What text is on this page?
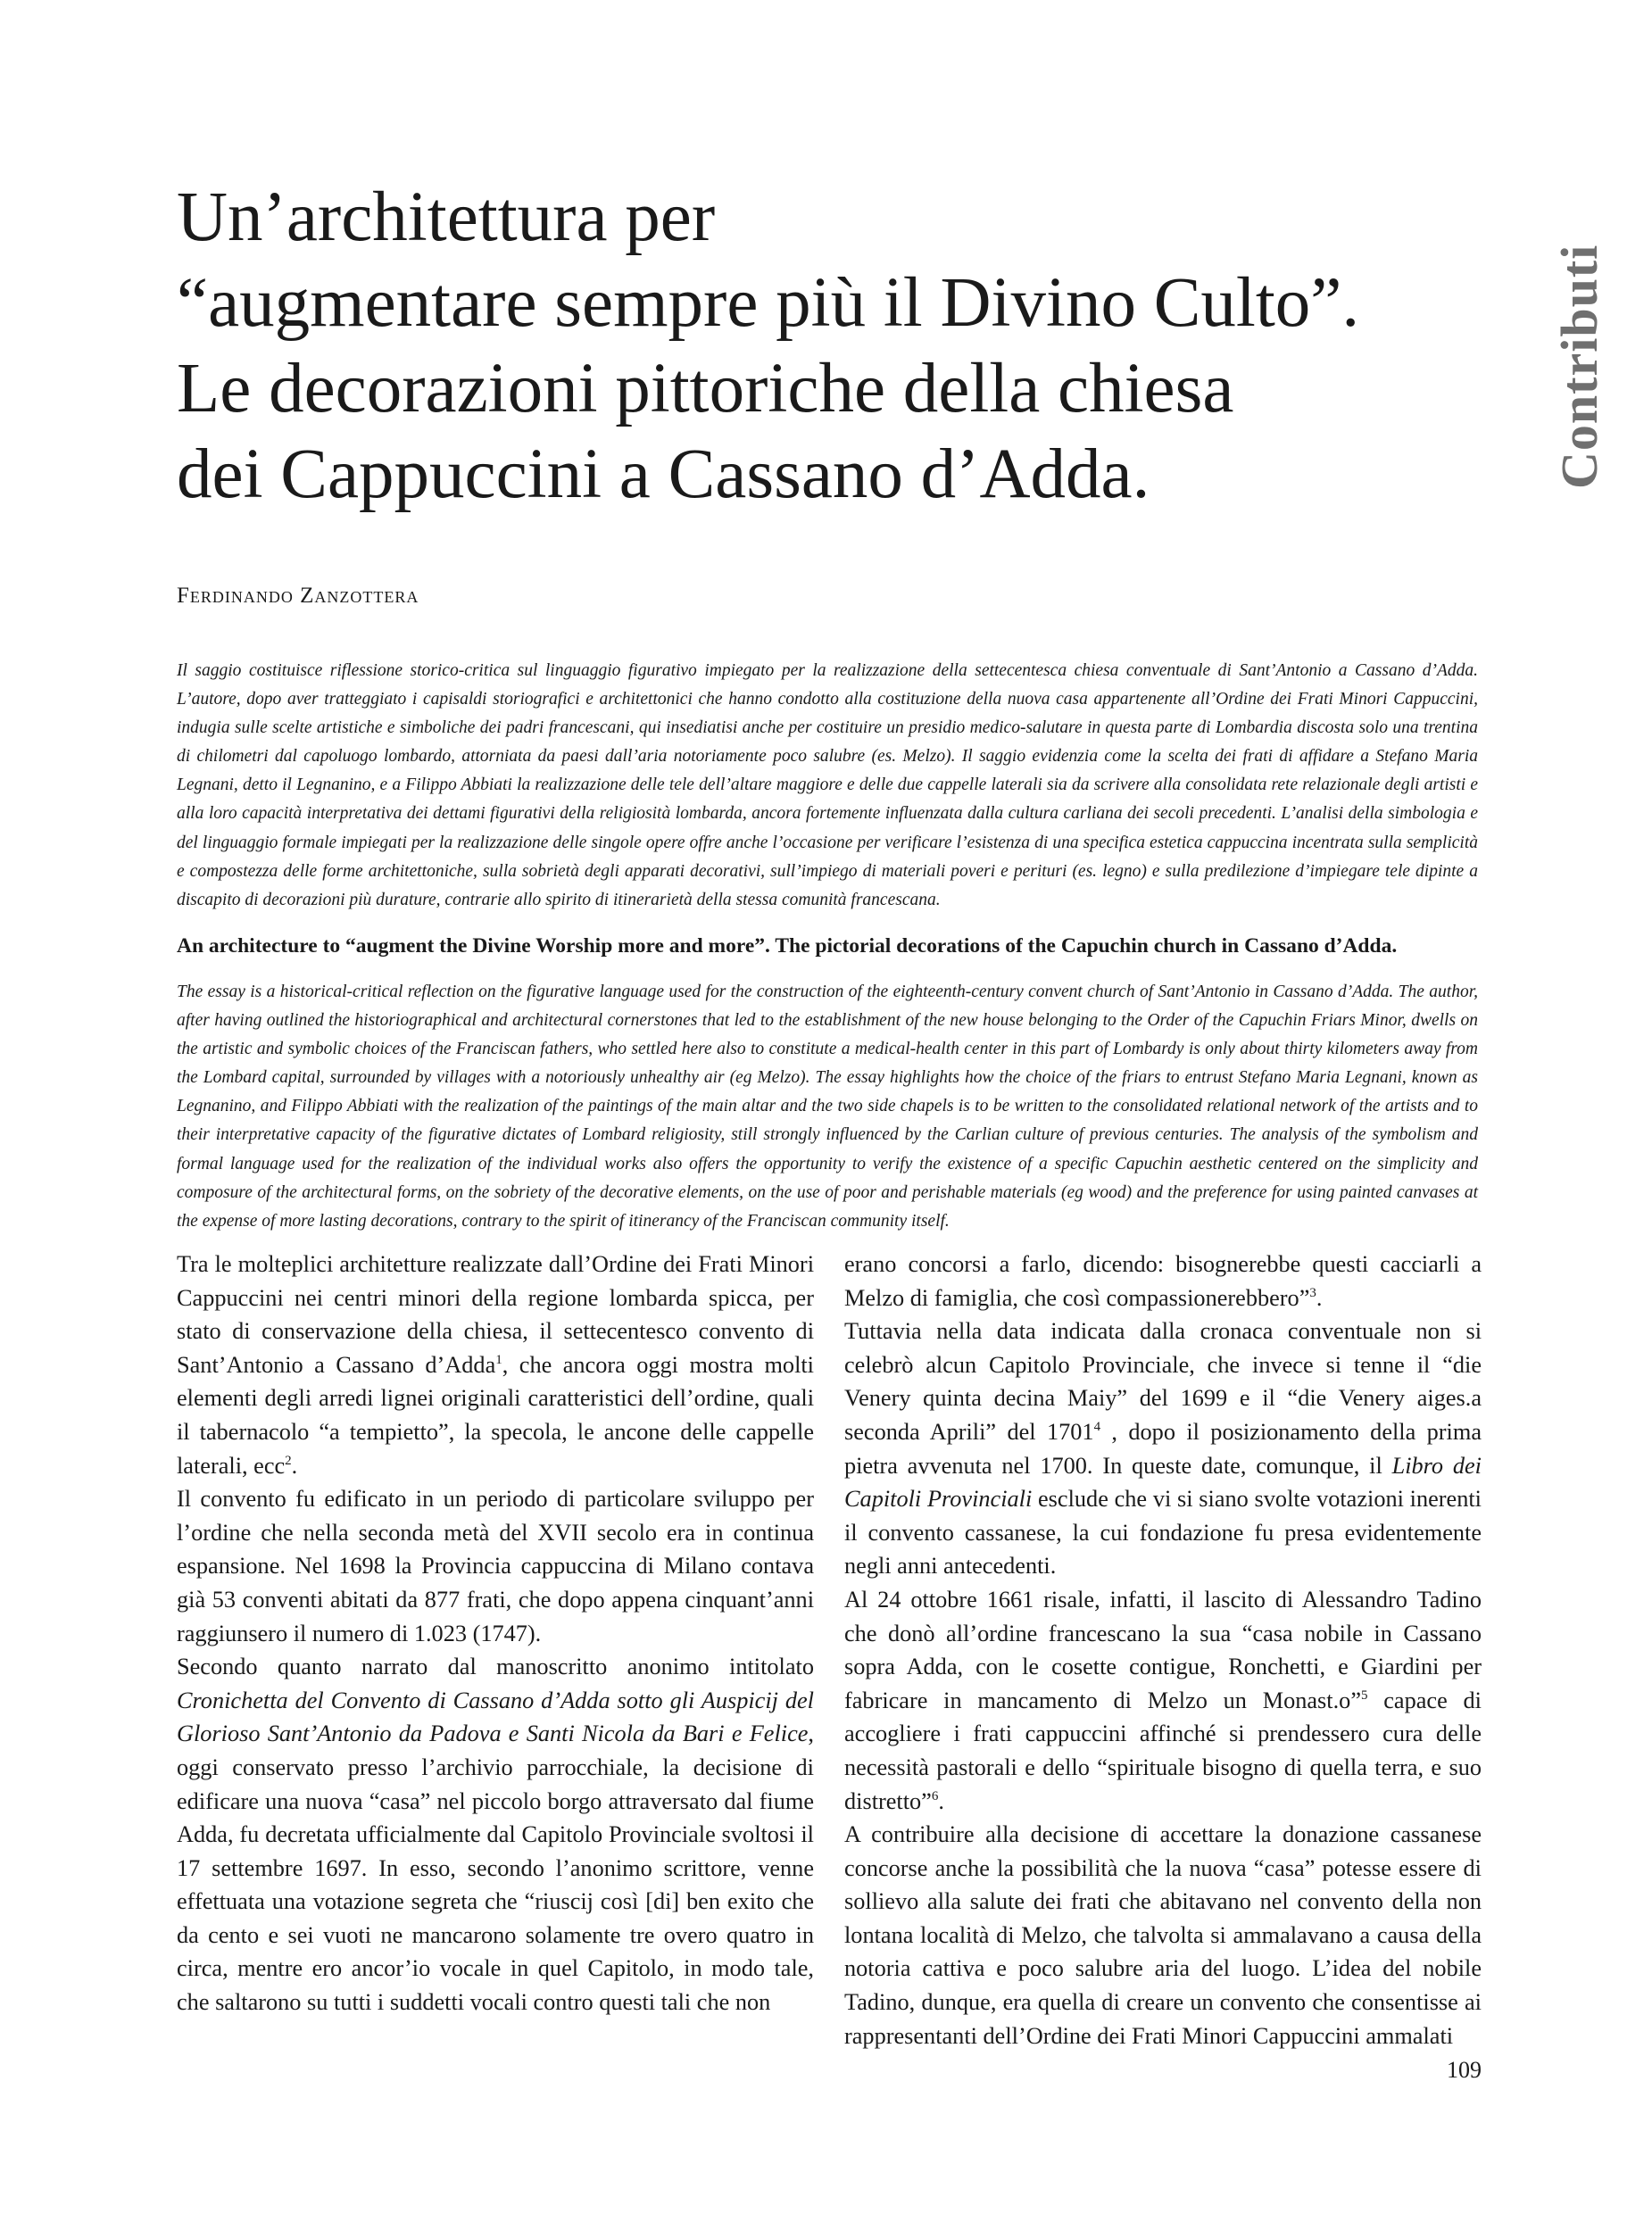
Un’architettura per
“augmentare sempre più il Divino Culto”.
Le decorazioni pittoriche della chiesa
dei Cappuccini a Cassano d’Adda.	Contributi
Ferdinando Zanzottera

Il saggio costituisce riflessione storico-critica sul linguaggio figurativo impiegato per la realizzazione della settecentesca chiesa conventuale di Sant’Antonio a Cassano d’Adda. L’autore, dopo aver tratteggiato i capisaldi storiografici e architettonici che hanno condotto alla costituzione della nuova casa appartenente all’Ordine dei Frati Minori Cappuccini, indugia sulle scelte artistiche e simboliche dei padri francescani, qui insediatisi anche per costituire un presidio medico-salutare in questa parte di Lombardia discosta solo una trentina di chilometri dal capoluogo lombardo, attorniata da paesi dall’aria notoriamente poco salubre (es. Melzo). Il saggio evidenzia come la scelta dei frati di affidare a Stefano Maria Legnani, detto il Legnanino, e a Filippo Abbiati la realizzazione delle tele dell’altare maggiore e delle due cappelle laterali sia da scrivere alla consolidata rete relazionale degli artisti e alla loro capacità interpretativa dei dettami figurativi della religiosità lombarda, ancora fortemente influenzata dalla cultura carliana dei secoli precedenti. L’analisi della simbologia e del linguaggio formale impiegati per la realizzazione delle singole opere offre anche l’occasione per verificare l’esistenza di una specifica estetica cappuccina incentrata sulla semplicità e compostezza delle forme architettoniche, sulla sobrietà degli apparati decorativi, sull’impiego di materiali poveri e perituri (es. legno) e sulla predilezione d’impiegare tele dipinte a discapito di decorazioni più durature, contrarie allo spirito di itinerarietà della stessa comunità francescana.

An architecture to “augment the Divine Worship more and more”. The pictorial decorations of the Capuchin church in Cassano d’Adda.

The essay is a historical-critical reflection on the figurative language used for the construction of the eighteenth-century convent church of Sant’Antonio in Cassano d’Adda. The author, after having outlined the historiographical and architectural cornerstones that led to the establishment of the new house belonging to the Order of the Capuchin Friars Minor, dwells on the artistic and symbolic choices of the Franciscan fathers, who settled here also to constitute a medical-health center in this part of Lombardy is only about thirty kilometers away from the Lombard capital, surrounded by villages with a notoriously unhealthy air (eg Melzo). The essay highlights how the choice of the friars to entrust Stefano Maria Legnani, known as Legnanino, and Filippo Abbiati with the realization of the paintings of the main altar and the two side chapels is to be written to the consolidated relational network of the artists and to their interpretative capacity of the figurative dictates of Lombard religiosity, still strongly influenced by the Carlian culture of previous centuries. The analysis of the symbolism and formal language used for the realization of the individual works also offers the opportunity to verify the existence of a specific Capuchin aesthetic centered on the simplicity and composure of the architectural forms, on the sobriety of the decorative elements, on the use of poor and perishable materials (eg wood) and the preference for using painted canvases at the expense of more lasting decorations, contrary to the spirit of itinerancy of the Franciscan community itself.

Tra le molteplici architetture realizzate dall’Ordine dei Frati Minori Cappuccini nei centri minori della regione lombarda spicca, per stato di conservazione della chiesa, il settecentesco convento di Sant’Antonio a Cassano d’Adda$^1$, che ancora oggi mostra molti elementi degli arredi lignei originali caratteristici dell’ordine, quali il tabernacolo “a tempietto”, la specola, le ancone delle cappelle laterali, ecc$^2$.

Il convento fu edificato in un periodo di particolare sviluppo per l’ordine che nella seconda metà del XVII secolo era in continua espansione. Nel 1698 la Provincia cappuccina di Milano contava già 53 conventi abitati da 877 frati, che dopo appena cinquant’anni raggiunsero il numero di 1.023 (1747).

Secondo quanto narrato dal manoscritto anonimo intitolato Cronichetta del Convento di Cassano d’Adda sotto gli Auspicij del Glorioso Sant’Antonio da Padova e Santi Nicola da Bari e Felice, oggi conservato presso l’archivio parrocchiale, la decisione di edificare una nuova “casa” nel piccolo borgo attraversato dal fiume Adda, fu decretata ufficialmente dal Capitolo Provinciale svoltosi il 17 settembre 1697. In esso, secondo l’anonimo scrittore, venne effettuata una votazione segreta che “riuscij così [di] ben exito che da cento e sei vuoti ne mancarono solamente tre overo quatro in circa, mentre ero ancor’io vocale in quel Capitolo, in modo tale, che saltarono su tutti i suddetti vocali contro questi tali che non

erano concorsi a farlo, dicendo: bisognerebbe questi cacciarli a Melzo di famiglia, che così compassionerebbero”$^3$.

Tuttavia nella data indicata dalla cronaca conventuale non si celebrò alcun Capitolo Provinciale, che invece si tenne il “die Venery quinta decina Maiy” del 1699 e il “die Venery aiges.a seconda Aprili” del 1701$^4$ , dopo il posizionamento della prima pietra avvenuta nel 1700. In queste date, comunque, il Libro dei Capitoli Provinciali esclude che vi si siano svolte votazioni inerenti il convento cassanese, la cui fondazione fu presa evidentemente negli anni antecedenti.

Al 24 ottobre 1661 risale, infatti, il lascito di Alessandro Tadino che donò all’ordine francescano la sua “casa nobile in Cassano sopra Adda, con le cosette contigue, Ronchetti, e Giardini per fabricare in mancamento di Melzo un Monast.o”$^5$ capace di accogliere i frati cappuccini affinché si prendessero cura delle necessità pastorali e dello “spirituale bisogno di quella terra, e suo distretto”$^6$.

A contribuire alla decisione di accettare la donazione cassanese concorse anche la possibilità che la nuova “casa” potesse essere di sollievo alla salute dei frati che abitavano nel convento della non lontana località di Melzo, che talvolta si ammalavano a causa della notoria cattiva e poco salubre aria del luogo. L’idea del nobile Tadino, dunque, era quella di creare un convento che consentisse ai rappresentanti dell’Ordine dei Frati Minori Cappuccini ammalati

109
